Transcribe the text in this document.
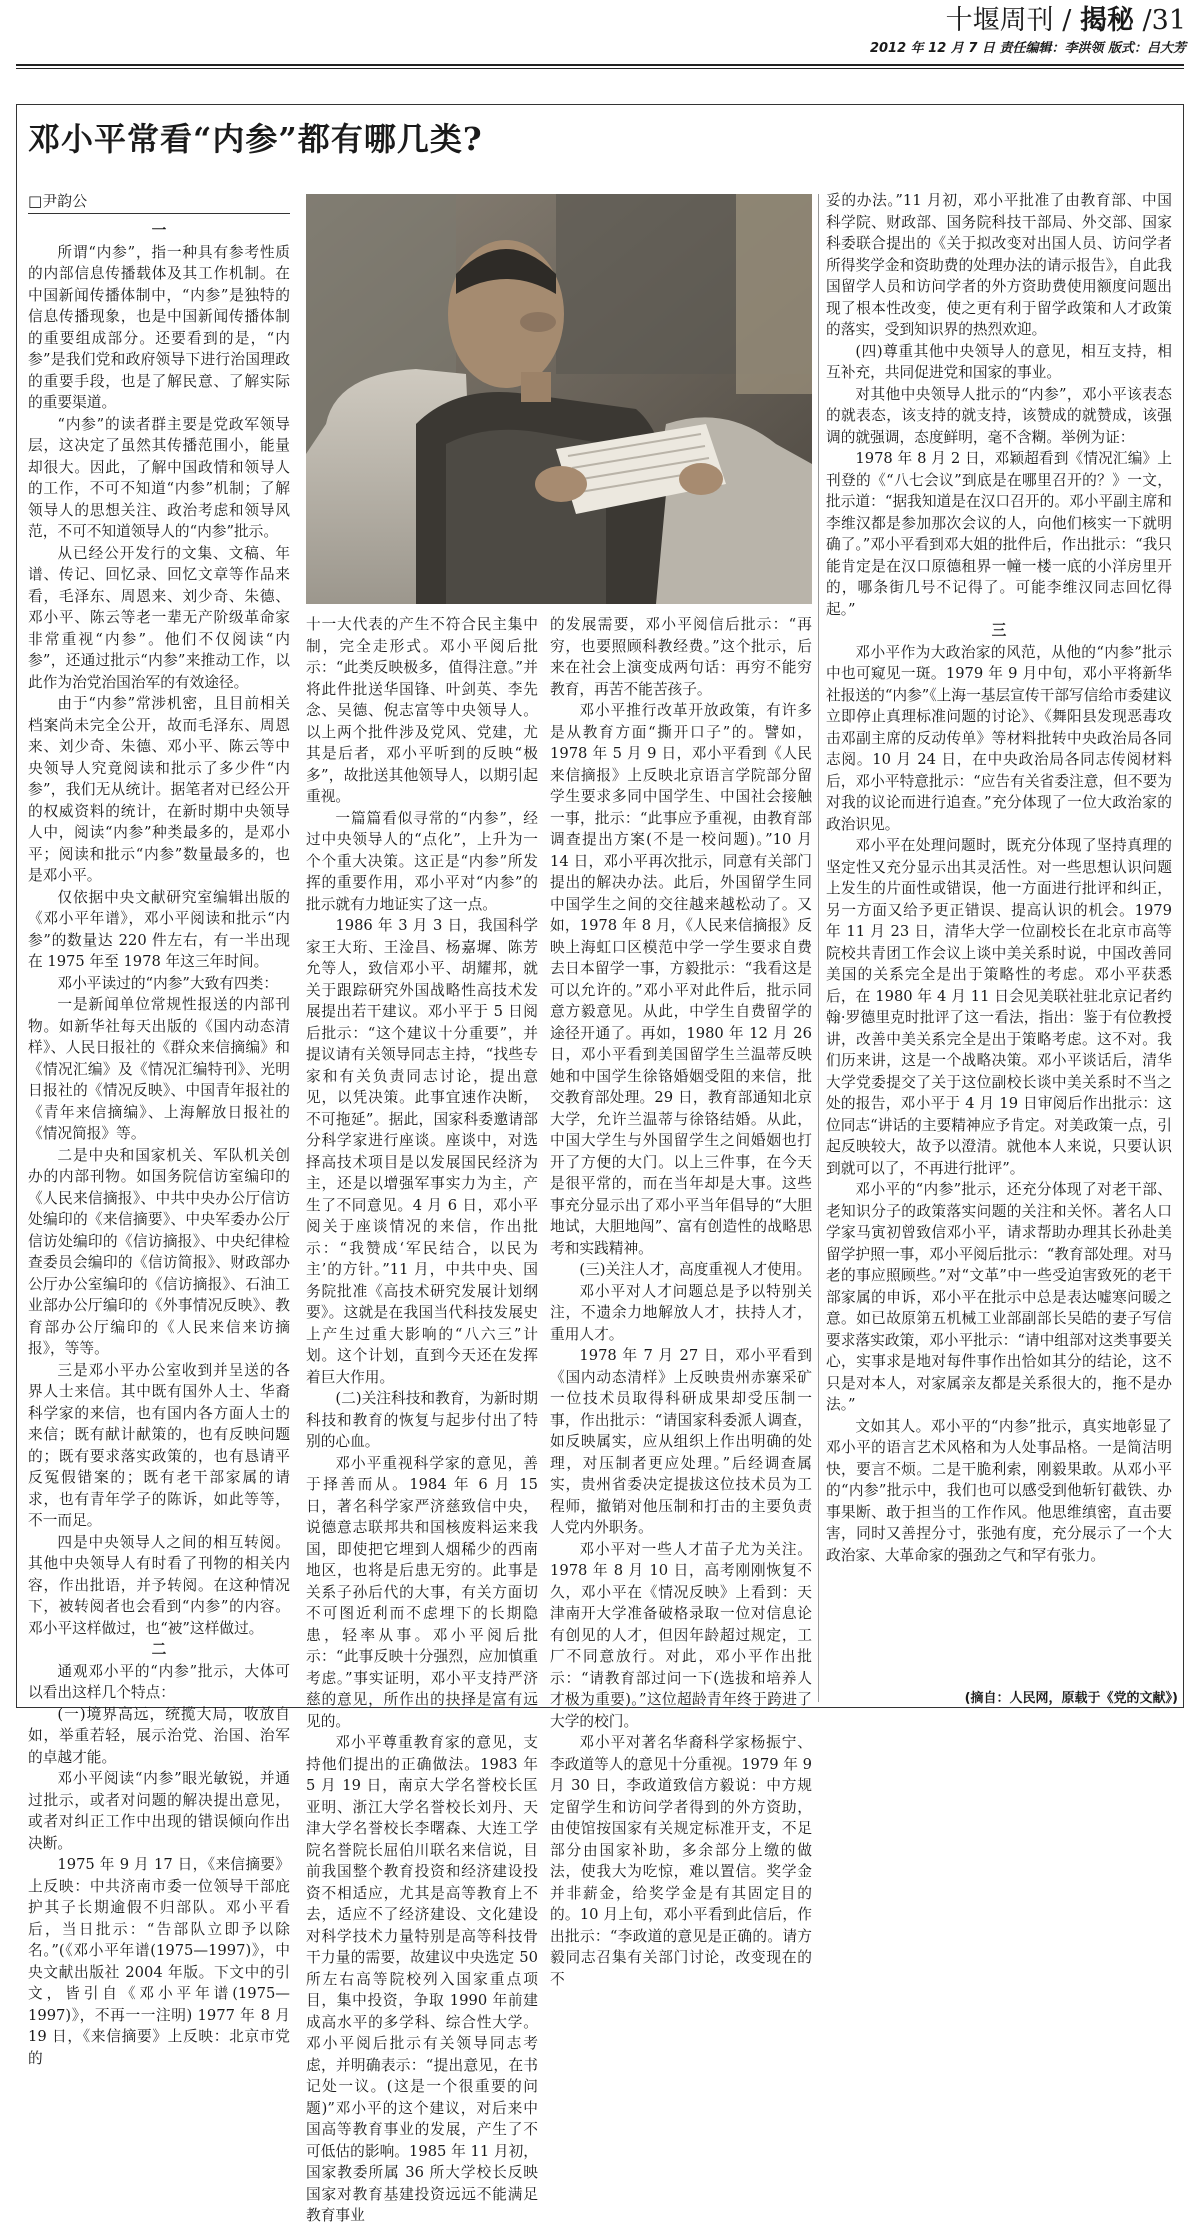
十堰周刊 / 揭秘 /31
2012 年 12 月 7 日 责任编辑：李洪领 版式：吕大芳
邓小平常看“内参”都有哪几类?
□尹韵公

一

所谓“内参”，指一种具有参考性质的内部信息传播载体及其工作机制。在中国新闻传播体制中，“内参”是独特的信息传播现象，也是中国新闻传播体制的重要组成部分。还要看到的是，“内参”是我们党和政府领导下进行治国理政的重要手段，也是了解民意、了解实际的重要渠道。

“内参”的读者群主要是党政军领导层，这决定了虽然其传播范围小，能量却很大。因此，了解中国政情和领导人的工作，不可不知道“内参”机制；了解领导人的思想关注、政治考虑和领导风范，不可不知道领导人的“内参”批示。

从已经公开发行的文集、文稿、年谱、传记、回忆录、回忆文章等作品来看，毛泽东、周恩来、刘少奇、朱德、邓小平、陈云等老一辈无产阶级革命家非常重视“内参”。他们不仅阅读“内参”，还通过批示“内参”来推动工作，以此作为治党治国治军的有效途径。

由于“内参”常涉机密，且目前相关档案尚未完全公开，故而毛泽东、周恩来、刘少奇、朱德、邓小平、陈云等中央领导人究竟阅读和批示了多少件“内参”，我们无从统计。据笔者对已经公开的权威资料的统计，在新时期中央领导人中，阅读“内参”种类最多的，是邓小平；阅读和批示“内参”数量最多的，也是邓小平。

仅依据中央文献研究室编辑出版的《邓小平年谱》，邓小平阅读和批示“内参”的数量达 220 件左右，有一半出现在 1975 年至 1978 年这三年时间。

邓小平读过的“内参”大致有四类：

一是新闻单位常规性报送的内部刊物。如新华社每天出版的《国内动态清样》、人民日报社的《群众来信摘编》和《情况汇编》及《情况汇编特刊》、光明日报社的《情况反映》、中国青年报社的《青年来信摘编》、上海解放日报社的《情况简报》等。

二是中央和国家机关、军队机关创办的内部刊物。如国务院信访室编印的《人民来信摘报》、中共中央办公厅信访处编印的《来信摘要》、中央军委办公厅信访处编印的《信访摘报》、中央纪律检查委员会编印的《信访简报》、财政部办公厅办公室编印的《信访摘报》、石油工业部办公厅编印的《外事情况反映》、教育部办公厅编印的《人民来信来访摘报》，等等。

三是邓小平办公室收到并呈送的各界人士来信。其中既有国外人士、华裔科学家的来信，也有国内各方面人士的来信；既有献计献策的，也有反映问题的；既有要求落实政策的，也有恳请平反冤假错案的；既有老干部家属的请求，也有青年学子的陈诉，如此等等，不一而足。

四是中央领导人之间的相互转阅。其他中央领导人有时看了刊物的相关内容，作出批语，并予转阅。在这种情况下，被转阅者也会看到“内参”的内容。邓小平这样做过，也“被”这样做过。

二

通观邓小平的“内参”批示，大体可以看出这样几个特点：

(一)境界高远，统揽大局，收放自如，举重若轻，展示治党、治国、治军的卓越才能。

邓小平阅读“内参”眼光敏锐，并通过批示，或者对问题的解决提出意见，或者对纠正工作中出现的错误倾向作出决断。

1975 年 9 月 17 日，《来信摘要》上反映：中共济南市委一位领导干部庇护其子长期逾假不归部队。邓小平看后，当日批示：“告部队立即予以除名。”(《邓小平年谱(1975—1997)》，中央文献出版社 2004 年版。下文中的引文，皆引自《邓小平年谱(1975—1997)》，不再一一注明) 1977 年 8 月 19 日，《来信摘要》上反映：北京市党的

十一大代表的产生不符合民主集中制，完全走形式。邓小平阅后批示：“此类反映极多，值得注意。”并将此件批送华国锋、叶剑英、李先念、吴德、倪志富等中央领导人。以上两个批件涉及党风、党建，尤其是后者，邓小平听到的反映“极多”，故批送其他领导人，以期引起重视。

一篇篇看似寻常的“内参”，经过中央领导人的“点化”，上升为一个个重大决策。这正是“内参”所发挥的重要作用，邓小平对“内参”的批示就有力地证实了这一点。

1986 年 3 月 3 日，我国科学家王大珩、王淦昌、杨嘉墀、陈芳允等人，致信邓小平、胡耀邦，就关于跟踪研究外国战略性高技术发展提出若干建议。邓小平于 5 日阅后批示：“这个建议十分重要”，并提议请有关领导同志主持，“找些专家和有关负责同志讨论，提出意见，以凭决策。此事宜速作决断，不可拖延”。据此，国家科委邀请部分科学家进行座谈。座谈中，对选择高技术项目是以发展国民经济为主，还是以增强军事实力为主，产生了不同意见。4 月 6 日，邓小平阅关于座谈情况的来信，作出批示：“我赞成‘军民结合，以民为主’的方针。”11 月，中共中央、国务院批准《高技术研究发展计划纲要》。这就是在我国当代科技发展史上产生过重大影响的“八六三”计划。这个计划，直到今天还在发挥着巨大作用。

(二)关注科技和教育，为新时期科技和教育的恢复与起步付出了特别的心血。

邓小平重视科学家的意见，善于择善而从。1984 年 6 月 15 日，著名科学家严济慈致信中央，说德意志联邦共和国核废料运来我国，即使把它埋到人烟稀少的西南地区，也将是后患无穷的。此事是关系子孙后代的大事，有关方面切不可图近利而不虑埋下的长期隐患，轻率从事。邓小平阅后批示：“此事反映十分强烈，应加慎重考虑。”事实证明，邓小平支持严济慈的意见，所作出的抉择是富有远见的。

邓小平尊重教育家的意见，支持他们提出的正确做法。1983 年 5 月 19 日，南京大学名誉校长匡亚明、浙江大学名誉校长刘丹、天津大学名誉校长李曙森、大连工学院名誉院长屈伯川联名来信说，目前我国整个教育投资和经济建设投资不相适应，尤其是高等教育上不去，适应不了经济建设、文化建设对科学技术力量特别是高等科技骨干力量的需要，故建议中央选定 50 所左右高等院校列入国家重点项目，集中投资，争取 1990 年前建成高水平的多学科、综合性大学。邓小平阅后批示有关领导同志考虑，并明确表示：“提出意见，在书记处一议。(这是一个很重要的问题)”邓小平的这个建议，对后来中国高等教育事业的发展，产生了不可低估的影响。1985 年 11 月初，国家教委所属 36 所大学校长反映国家对教育基建投资远远不能满足教育事业

的发展需要，邓小平阅信后批示：“再穷，也要照顾科教经费。”这个批示，后来在社会上演变成两句话：再穷不能穷教育，再苦不能苦孩子。

邓小平推行改革开放政策，有许多是从教育方面“撕开口子”的。譬如，1978 年 5 月 9 日，邓小平看到《人民来信摘报》上反映北京语言学院部分留学生要求多同中国学生、中国社会接触一事，批示：“此事应予重视，由教育部调查提出方案(不是一校问题)。”10 月 14 日，邓小平再次批示，同意有关部门提出的解决办法。此后，外国留学生同中国学生之间的交往越来越松动了。又如，1978 年 8 月，《人民来信摘报》反映上海虹口区模范中学一学生要求自费去日本留学一事，方毅批示：“我看这是可以允许的。”邓小平对此件后，批示同意方毅意见。从此，中学生自费留学的途径开通了。再如，1980 年 12 月 26 日，邓小平看到美国留学生兰温蒂反映她和中国学生徐铬婚姻受阻的来信，批交教育部处理。29 日，教育部通知北京大学，允许兰温蒂与徐铬结婚。从此，中国大学生与外国留学生之间婚姻也打开了方便的大门。以上三件事，在今天是很平常的，而在当年却是大事。这些事充分显示出了邓小平当年倡导的“大胆地试，大胆地闯”、富有创造性的战略思考和实践精神。

(三)关注人才，高度重视人才使用。

邓小平对人才问题总是予以特别关注，不遗余力地解放人才，扶持人才，重用人才。

1978 年 7 月 27 日，邓小平看到《国内动态清样》上反映贵州赤寨采矿一位技术员取得科研成果却受压制一事，作出批示：“请国家科委派人调查，如反映属实，应从组织上作出明确的处理，对压制者更应处理。”后经调查属实，贵州省委决定提拔这位技术员为工程师，撤销对他压制和打击的主要负责人党内外职务。

邓小平对一些人才苗子尤为关注。1978 年 8 月 10 日，高考刚刚恢复不久，邓小平在《情况反映》上看到：天津南开大学准备破格录取一位对信息论有创见的人才，但因年龄超过规定，工厂不同意放行。对此，邓小平作出批示：“请教育部过问一下(选拔和培养人才极为重要)。”这位超龄青年终于跨进了大学的校门。

邓小平对著名华裔科学家杨振宁、李政道等人的意见十分重视。1979 年 9 月 30 日，李政道致信方毅说：中方规定留学生和访问学者得到的外方资助，由使馆按国家有关规定标准开支，不足部分由国家补助，多余部分上缴的做法，使我大为吃惊，难以置信。奖学金并非薪金，给奖学金是有其固定目的的。10 月上旬，邓小平看到此信后，作出批示：“李政道的意见是正确的。请方毅同志召集有关部门讨论，改变现在的不

妥的办法。”11 月初，邓小平批准了由教育部、中国科学院、财政部、国务院科技干部局、外交部、国家科委联合提出的《关于拟改变对出国人员、访问学者所得奖学金和资助费的处理办法的请示报告》，自此我国留学人员和访问学者的外方资助费使用额度问题出现了根本性改变，使之更有利于留学政策和人才政策的落实，受到知识界的热烈欢迎。

(四)尊重其他中央领导人的意见，相互支持，相互补充，共同促进党和国家的事业。

对其他中央领导人批示的“内参”，邓小平该表态的就表态，该支持的就支持，该赞成的就赞成，该强调的就强调，态度鲜明，毫不含糊。举例为证：

1978 年 8 月 2 日，邓颖超看到《情况汇编》上刊登的《“八七会议”到底是在哪里召开的？》一文，批示道：“据我知道是在汉口召开的。邓小平副主席和李维汉都是参加那次会议的人，向他们核实一下就明确了。”邓小平看到邓大姐的批件后，作出批示：“我只能肯定是在汉口原德租界一幢一楼一底的小洋房里开的，哪条街几号不记得了。可能李维汉同志回忆得起。”

三

邓小平作为大政治家的风范，从他的“内参”批示中也可窥见一斑。1979 年 9 月中旬，邓小平将新华社报送的“内参”《上海一基层宣传干部写信给市委建议立即停止真理标准问题的讨论》、《舞阳县发现恶毒攻击邓副主席的反动传单》等材料批转中央政治局各同志阅。10 月 24 日，在中央政治局各同志传阅材料后，邓小平特意批示：“应告有关省委注意，但不要为对我的议论而进行追查。”充分体现了一位大政治家的政治识见。

邓小平在处理问题时，既充分体现了坚持真理的坚定性又充分显示出其灵活性。对一些思想认识问题上发生的片面性或错误，他一方面进行批评和纠正，另一方面又给予更正错误、提高认识的机会。1979 年 11 月 23 日，清华大学一位副校长在北京市高等院校共青团工作会议上谈中美关系时说，中国改善同美国的关系完全是出于策略性的考虑。邓小平获悉后，在 1980 年 4 月 11 日会见美联社驻北京记者约翰·罗德里克时批评了这一看法，指出：鉴于有位教授讲，改善中美关系完全是出于策略考虑。这不对。我们历来讲，这是一个战略决策。邓小平谈话后，清华大学党委提交了关于这位副校长谈中美关系时不当之处的报告，邓小平于 4 月 19 日审阅后作出批示：这位同志“讲话的主要精神应予肯定。对美政策一点，引起反映较大，故予以澄清。就他本人来说，只要认识到就可以了，不再进行批评”。

邓小平的“内参”批示，还充分体现了对老干部、老知识分子的政策落实问题的关注和关怀。著名人口学家马寅初曾致信邓小平，请求帮助办理其长孙赴美留学护照一事，邓小平阅后批示：“教育部处理。对马老的事应照顾些。”对“文革”中一些受迫害致死的老干部家属的申诉，邓小平在批示中总是表达嘘寒问暖之意。如已故原第五机械工业部副部长吴皓的妻子写信要求落实政策，邓小平批示：“请中组部对这类事要关心，实事求是地对每件事作出恰如其分的结论，这不只是对本人，对家属亲友都是关系很大的，拖不是办法。”

文如其人。邓小平的“内参”批示，真实地彰显了邓小平的语言艺术风格和为人处事品格。一是简洁明快，要言不烦。二是干脆利索，刚毅果敢。从邓小平的“内参”批示中，我们也可以感受到他斩钉截铁、办事果断、敢于担当的工作作风。他思维缜密，直击要害，同时又善捏分寸，张弛有度，充分展示了一个大政治家、大革命家的强劲之气和罕有张力。

(摘自：人民网，原载于《党的文献》)
